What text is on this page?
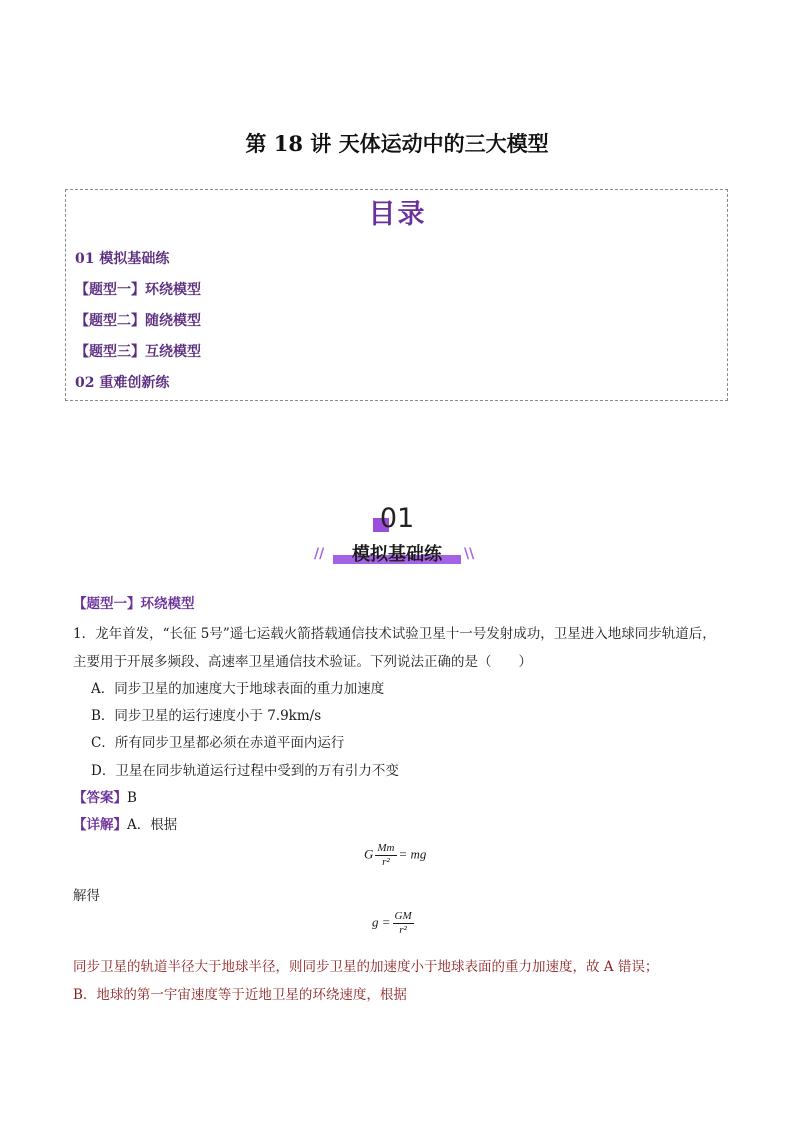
第 18 讲 天体运动中的三大模型
目录
01 模拟基础练
【题型一】环绕模型
【题型二】随绕模型
【题型三】互绕模型
02 重难创新练
01
模拟基础练
//	\\
【题型一】环绕模型
1．龙年首发，“长征 5号”遥七运载火箭搭载通信技术试验卫星十一号发射成功，卫星进入地球同步轨道后，
主要用于开展多频段、高速率卫星通信技术验证。下列说法正确的是（　　）
A．同步卫星的加速度大于地球表面的重力加速度
B．同步卫星的运行速度小于 7.9km/s
C．所有同步卫星都必须在赤道平面内运行
D．卫星在同步轨道运行过程中受到的万有引力不变
【答案】B
【详解】A．根据
G $\frac{Mm}{\text{r²}}$ = mg
解得
$g = \frac{GM}{\text{r²}}$
同步卫星的轨道半径大于地球半径，则同步卫星的加速度小于地球表面的重力加速度，故 A 错误；
B．地球的第一宇宙速度等于近地卫星的环绕速度，根据
